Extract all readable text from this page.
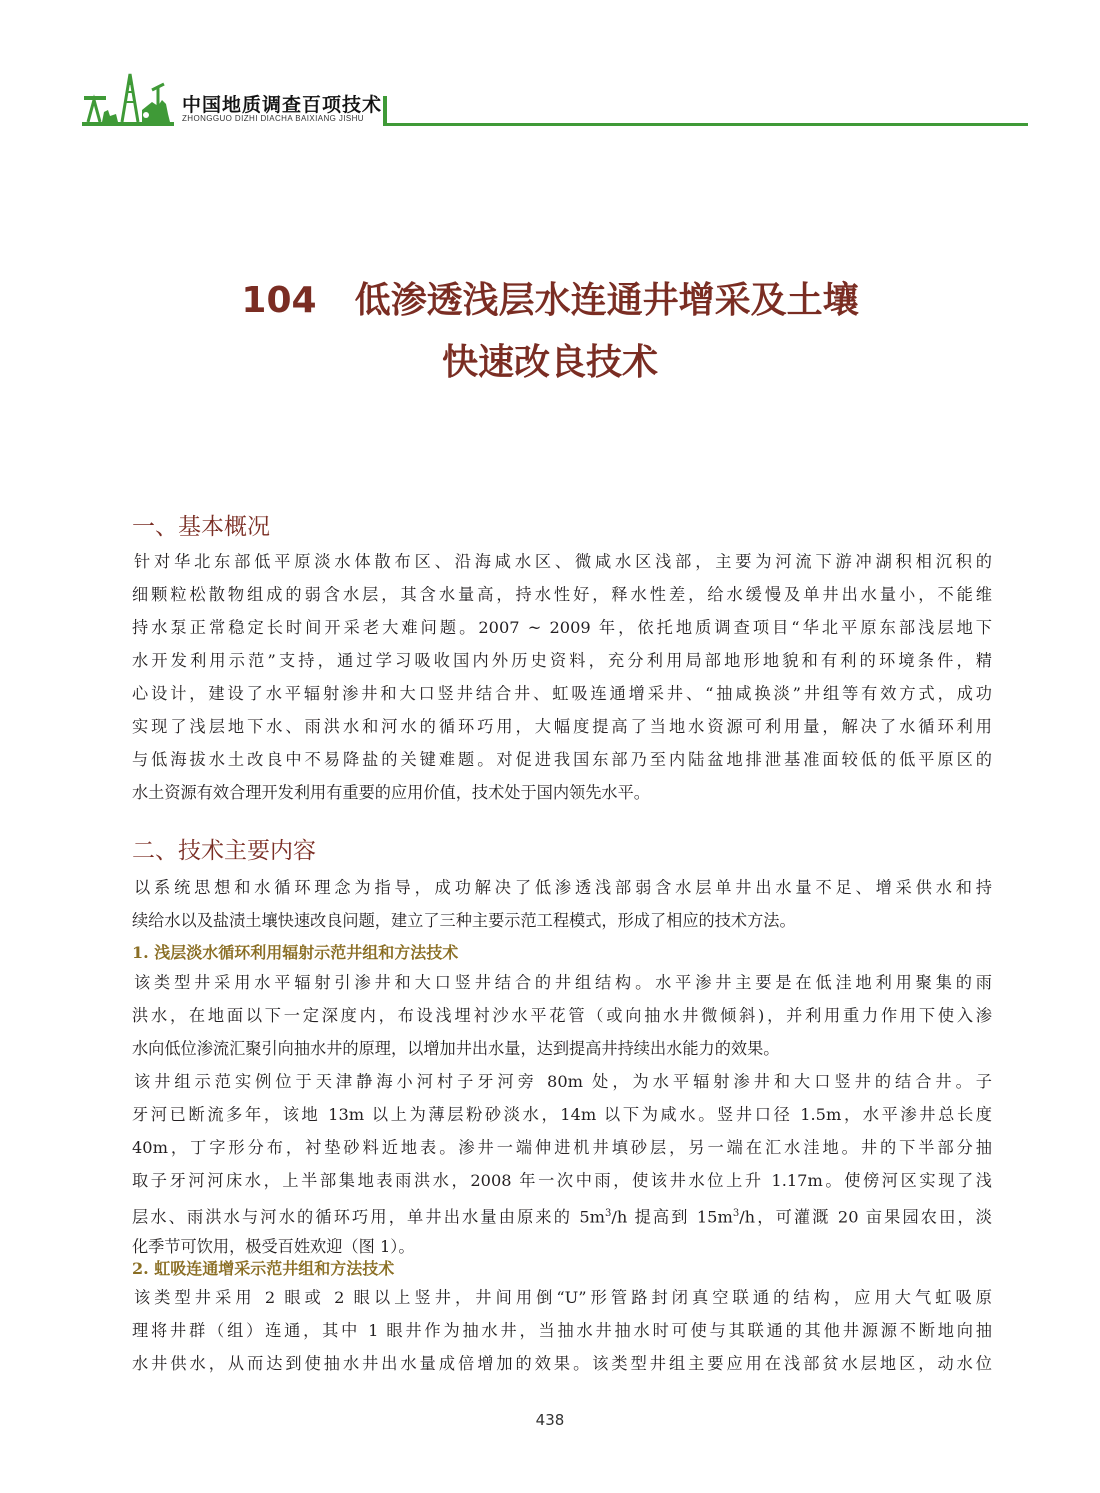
中国地质调查百项技术
ZHONGGUO DIZHI DIACHA BAIXIANG JISHU
104 低渗透浅层水连通井增采及土壤
快速改良技术
一、基本概况
针对华北东部低平原淡水体散布区、沿海咸水区、微咸水区浅部，主要为河流下游冲湖积相沉积的
细颗粒松散物组成的弱含水层，其含水量高，持水性好，释水性差，给水缓慢及单井出水量小，不能维
持水泵正常稳定长时间开采老大难问题。2007 ~ 2009 年，依托地质调查项目“华北平原东部浅层地下
水开发利用示范”支持，通过学习吸收国内外历史资料，充分利用局部地形地貌和有利的环境条件，精
心设计，建设了水平辐射渗井和大口竖井结合井、虹吸连通增采井、“抽咸换淡”井组等有效方式，成功
实现了浅层地下水、雨洪水和河水的循环巧用，大幅度提高了当地水资源可利用量，解决了水循环利用
与低海拔水土改良中不易降盐的关键难题。对促进我国东部乃至内陆盆地排泄基准面较低的低平原区的
水土资源有效合理开发利用有重要的应用价值，技术处于国内领先水平。
二、技术主要内容
以系统思想和水循环理念为指导，成功解决了低渗透浅部弱含水层单井出水量不足、增采供水和持
续给水以及盐渍土壤快速改良问题，建立了三种主要示范工程模式，形成了相应的技术方法。
1. 浅层淡水循环利用辐射示范井组和方法技术
该类型井采用水平辐射引渗井和大口竖井结合的井组结构。水平渗井主要是在低洼地利用聚集的雨
洪水，在地面以下一定深度内，布设浅埋衬沙水平花管（或向抽水井微倾斜)，并利用重力作用下使入渗
水向低位渗流汇聚引向抽水井的原理，以增加井出水量，达到提高井持续出水能力的效果。
该井组示范实例位于天津静海小河村子牙河旁 80m 处，为水平辐射渗井和大口竖井的结合井。子
牙河已断流多年，该地 13m 以上为薄层粉砂淡水，14m 以下为咸水。竖井口径 1.5m，水平渗井总长度
40m，丁字形分布，衬垫砂料近地表。渗井一端伸进机井填砂层，另一端在汇水洼地。井的下半部分抽
取子牙河河床水，上半部集地表雨洪水，2008 年一次中雨，使该井水位上升 1.17m。使傍河区实现了浅
层水、雨洪水与河水的循环巧用，单井出水量由原来的 $5m^3/h$ 提高到 $15m^3/h$，可灌溉 20 亩果园农田，淡
化季节可饮用，极受百姓欢迎（图 1）。
2. 虹吸连通增采示范井组和方法技术
该类型井采用 2 眼或 2 眼以上竖井，井间用倒“U”形管路封闭真空联通的结构，应用大气虹吸原
理将井群（组）连通，其中 1 眼井作为抽水井，当抽水井抽水时可使与其联通的其他井源源不断地向抽
水井供水，从而达到使抽水井出水量成倍增加的效果。该类型井组主要应用在浅部贫水层地区，动水位
438
